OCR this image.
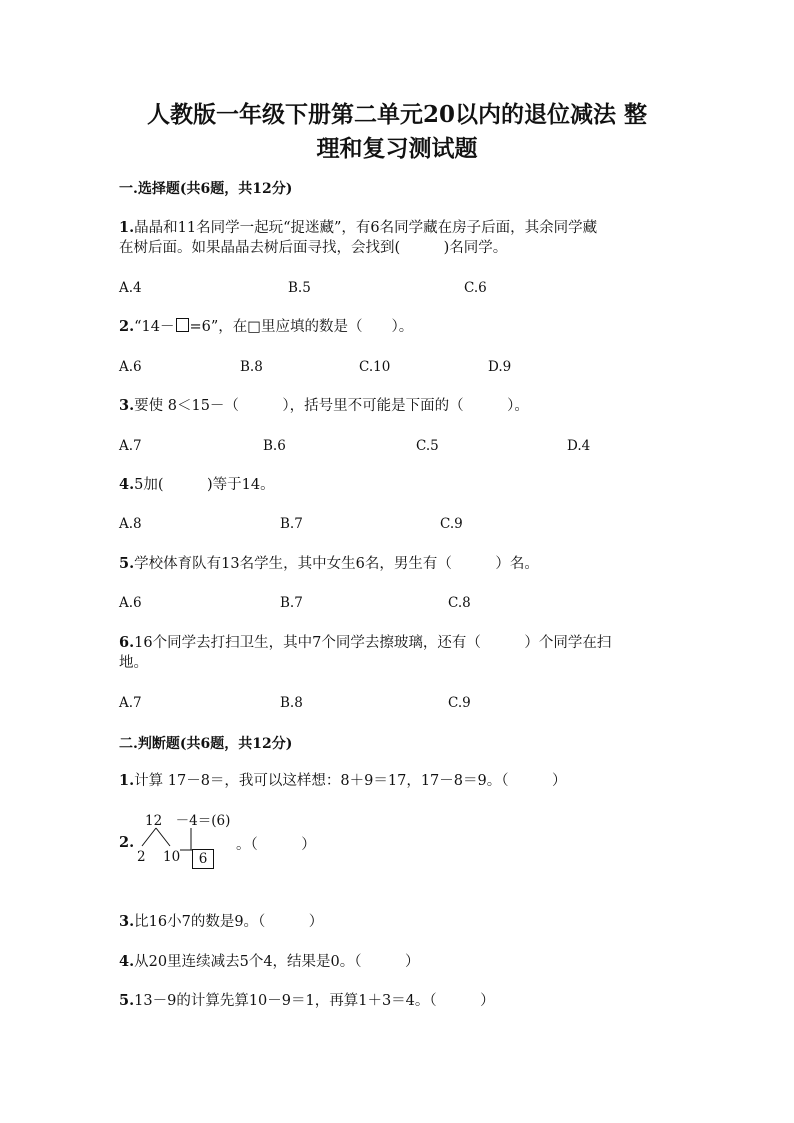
人教版一年级下册第二单元20以内的退位减法 整
理和复习测试题
一.选择题(共6题，共12分)
1.晶晶和11名同学一起玩“捉迷藏”，有6名同学藏在房子后面，其余同学藏
在树后面。如果晶晶去树后面寻找，会找到(　　　)名同学。
A.4	B.5	C.6
2.“14－ =6”，在□里应填的数是（　　）。
A.6	B.8	C.10	D.9
3.要使 8＜15－（　　　），括号里不可能是下面的（　　　）。
A.7	B.6	C.5	D.4
4.5加(　　　)等于14。
A.8	B.7	C.9
5.学校体育队有13名学生，其中女生6名，男生有（　　　）名。
A.6	B.7	C.8
6.16个同学去打扫卫生，其中7个同学去擦玻璃，还有（　　　）个同学在扫
地。
A.7	B.8	C.9
二.判断题(共6题，共12分)
1.计算 17－8＝，我可以这样想：8＋9＝17，17－8＝9。（　　　）
2.
12　－4＝(6)
2 10	6
。（　　　）
3.比16小7的数是9。（　　　）
4.从20里连续减去5个4，结果是0。（　　　）
5.13－9的计算先算10－9＝1，再算1＋3＝4。（　　　）
